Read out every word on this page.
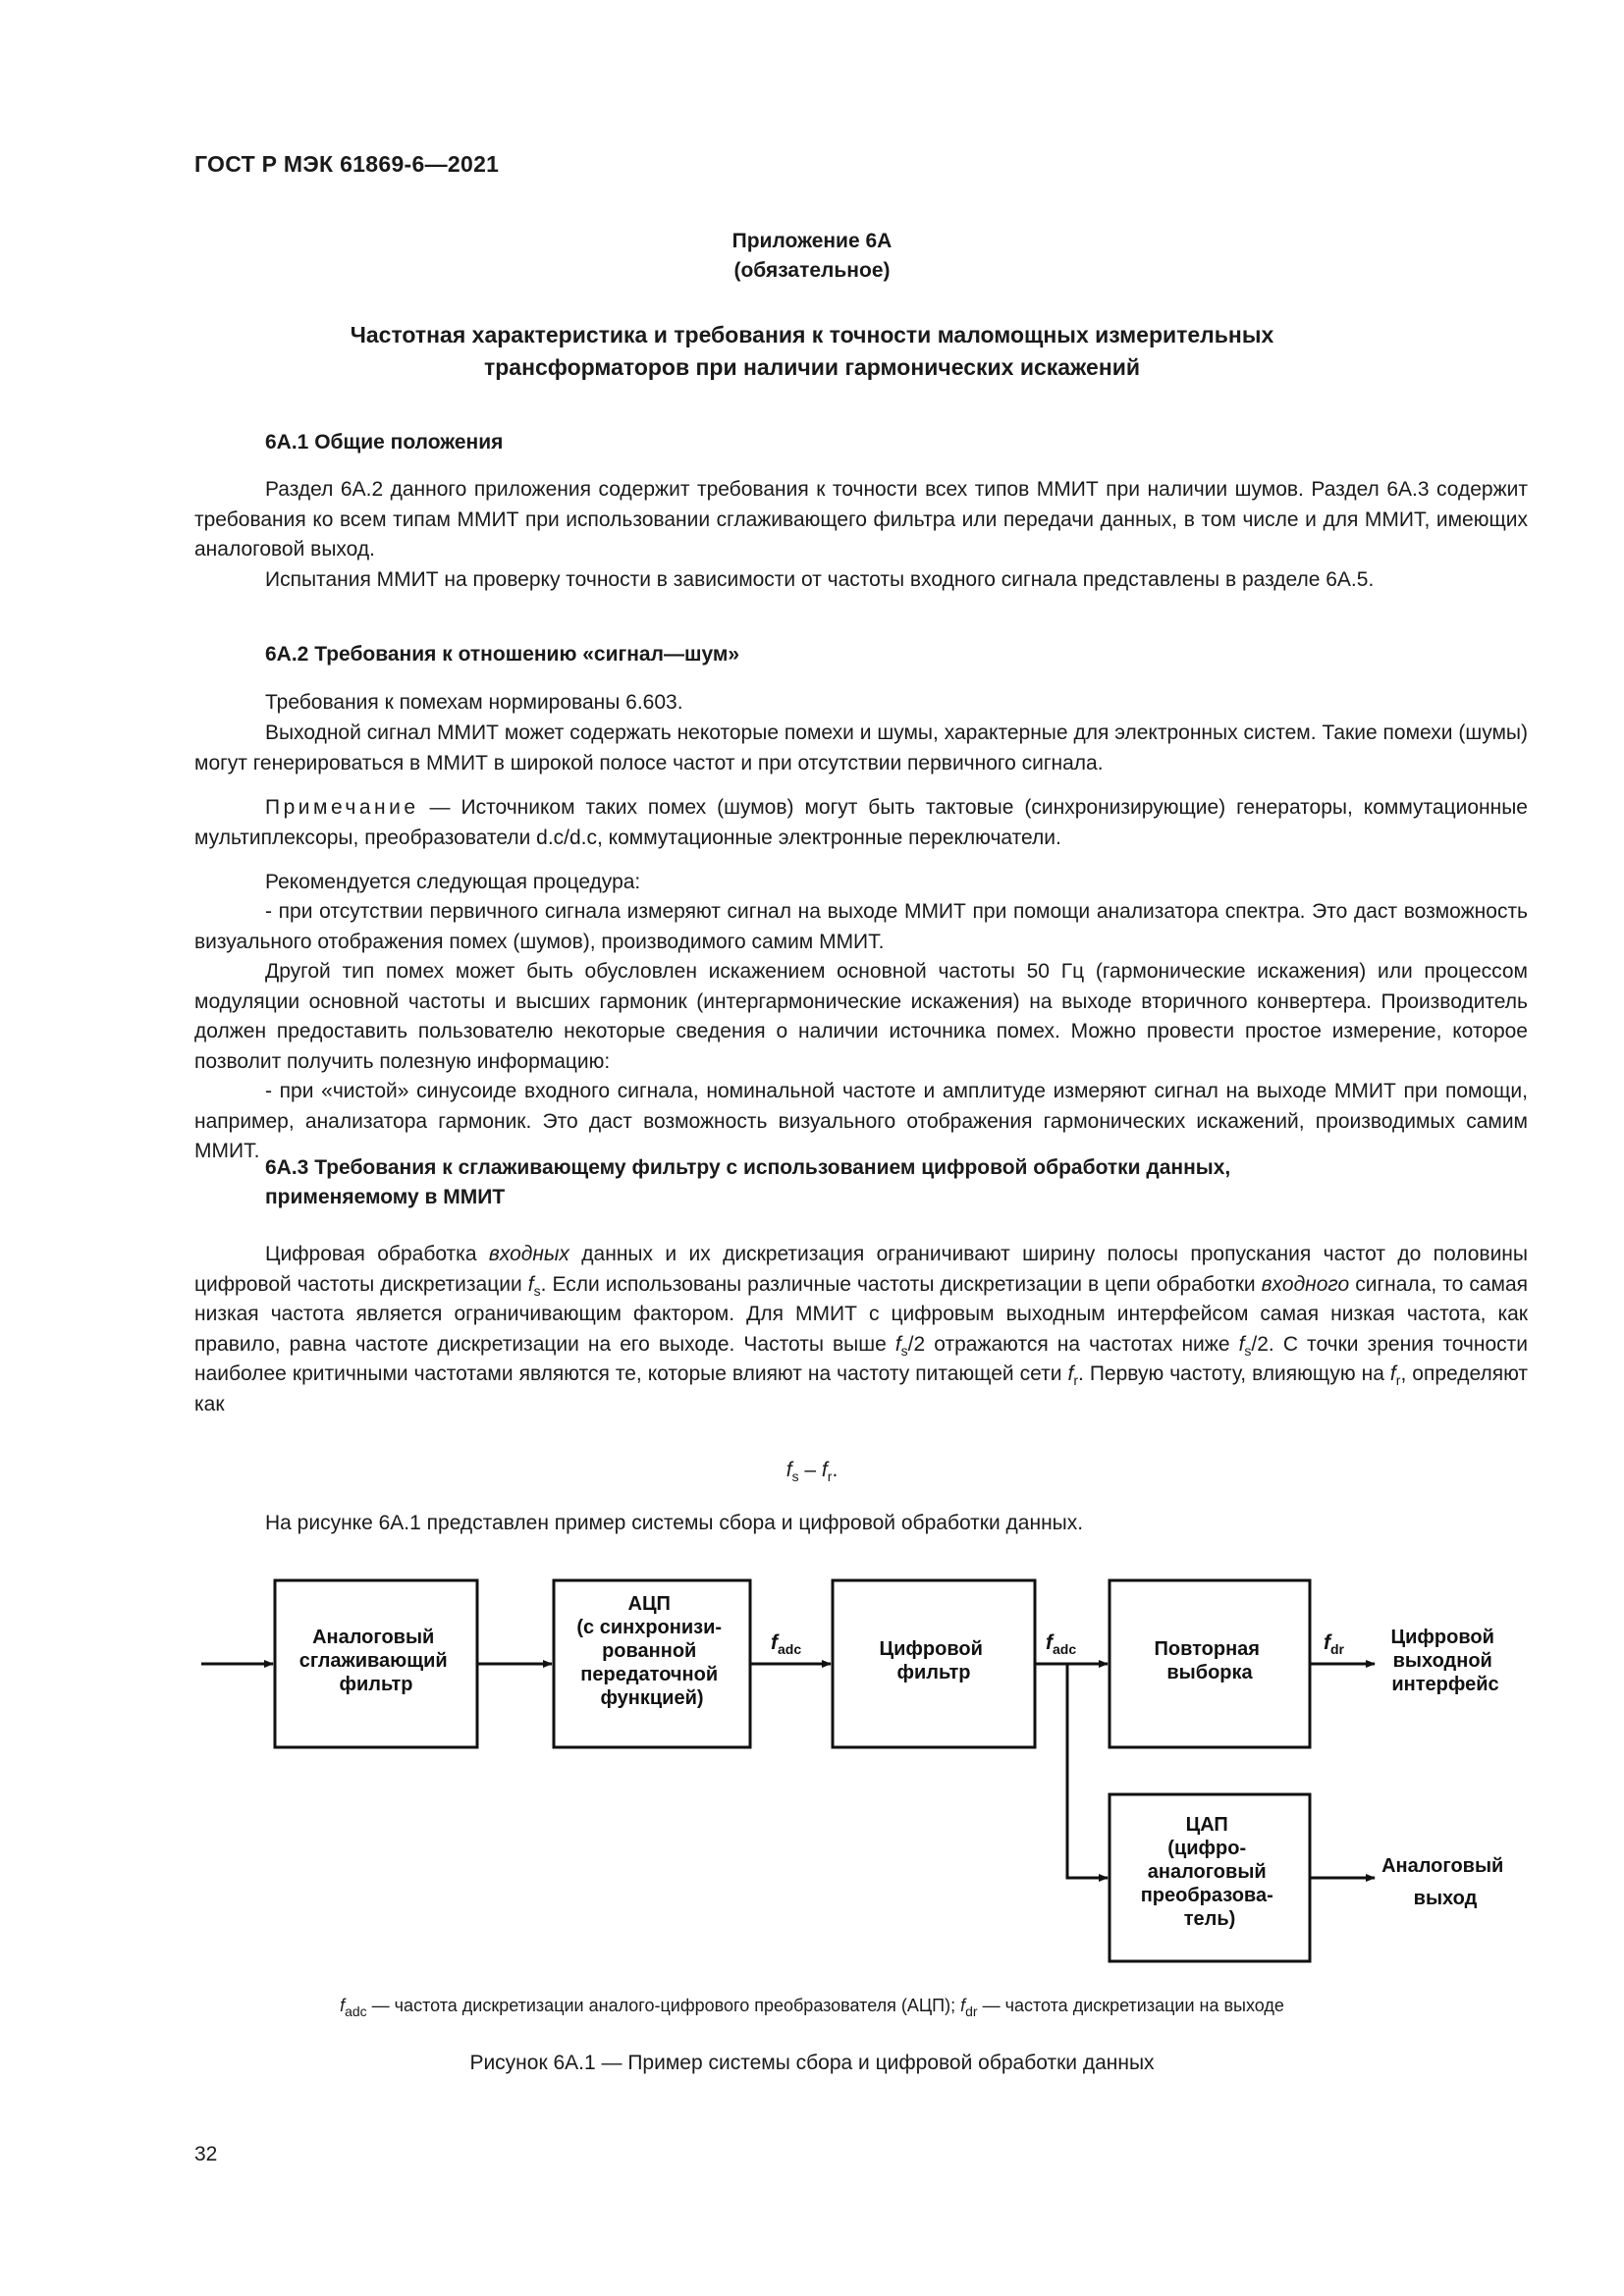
ГОСТ Р МЭК 61869-6—2021
Приложение 6А
(обязательное)
Частотная характеристика и требования к точности маломощных измерительных
трансформаторов при наличии гармонических искажений
6А.1 Общие положения
Раздел 6А.2 данного приложения содержит требования к точности всех типов ММИТ при наличии шумов. Раздел 6А.3 содержит требования ко всем типам ММИТ при использовании сглаживающего фильтра или передачи данных, в том числе и для ММИТ, имеющих аналоговой выход.
Испытания ММИТ на проверку точности в зависимости от частоты входного сигнала представлены в разделе 6А.5.
6А.2 Требования к отношению «сигнал—шум»
Требования к помехам нормированы 6.603.
Выходной сигнал ММИТ может содержать некоторые помехи и шумы, характерные для электронных систем. Такие помехи (шумы) могут генерироваться в ММИТ в широкой полосе частот и при отсутствии первичного сигнала.
Примечание — Источником таких помех (шумов) могут быть тактовые (синхронизирующие) генераторы, коммутационные мультиплексоры, преобразователи d.c/d.c, коммутационные электронные переключатели.
Рекомендуется следующая процедура:
- при отсутствии первичного сигнала измеряют сигнал на выходе ММИТ при помощи анализатора спектра. Это даст возможность визуального отображения помех (шумов), производимого самим ММИТ.
Другой тип помех может быть обусловлен искажением основной частоты 50 Гц (гармонические искажения) или процессом модуляции основной частоты и высших гармоник (интергармонические искажения) на выходе вторичного конвертера. Производитель должен предоставить пользователю некоторые сведения о наличии источника помех. Можно провести простое измерение, которое позволит получить полезную информацию:
- при «чистой» синусоиде входного сигнала, номинальной частоте и амплитуде измеряют сигнал на выходе ММИТ при помощи, например, анализатора гармоник. Это даст возможность визуального отображения гармонических искажений, производимых самим ММИТ.
6А.3 Требования к сглаживающему фильтру с использованием цифровой обработки данных,
применяемому в ММИТ
Цифровая обработка входных данных и их дискретизация ограничивают ширину полосы пропускания частот до половины цифровой частоты дискретизации $f_s$. Если использованы различные частоты дискретизации в цепи обработки входного сигнала, то самая низкая частота является ограничивающим фактором. Для ММИТ с цифровым выходным интерфейсом самая низкая частота, как правило, равна частоте дискретизации на его выходе. Частоты выше $f_s/2$ отражаются на частотах ниже $f_s/2$. С точки зрения точности наиболее критичными частотами являются те, которые влияют на частоту питающей сети $f_r$. Первую частоту, влияющую на $f_r$, определяют как
$f_s - f_r$.
На рисунке 6А.1 представлен пример системы сбора и цифровой обработки данных.
Аналоговый сглаживающий фильтр
АЦП (с синхронизи- рованной передаточной функцией)
Цифровой фильтр
Повторная выборка
ЦАП (цифро- аналоговый преобразова- тель)
$f_{adc}$	$f_{adc}$	$f_{dr}$
Цифровой выходной интерфейс
Аналоговый выход
$f_{adc}$ — частота дискретизации аналого-цифрового преобразователя (АЦП); $f_{dr}$ — частота дискретизации на выходе
Рисунок 6А.1 — Пример системы сбора и цифровой обработки данных
32
